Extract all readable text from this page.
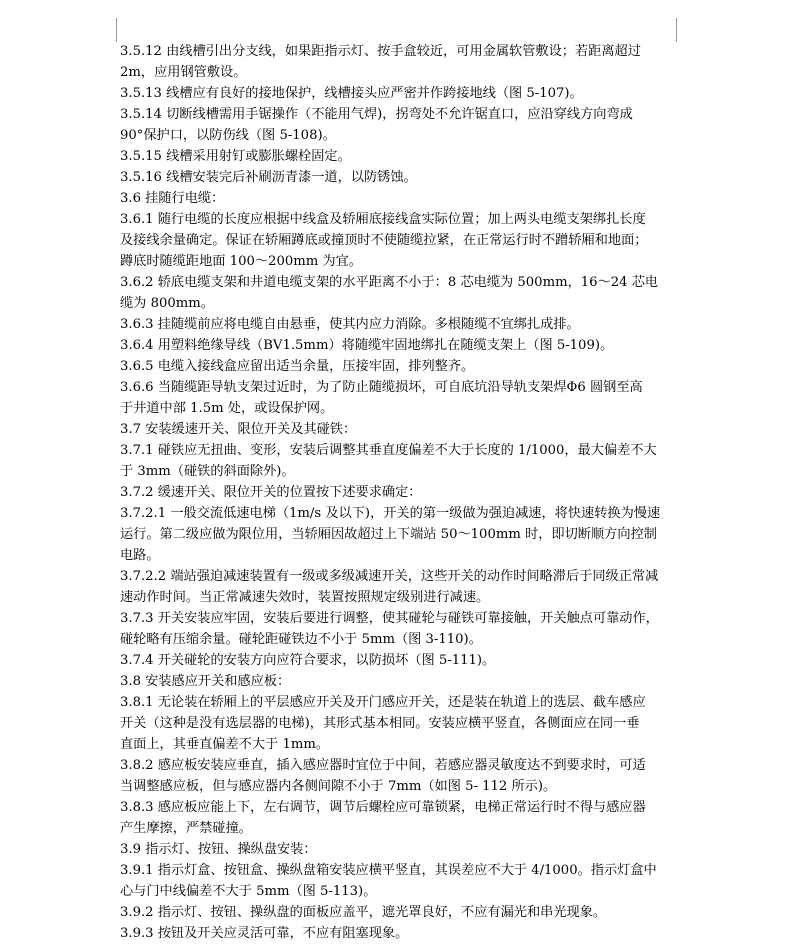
3.5.12 由线槽引出分支线，如果距指示灯、按手盒较近，可用金属软管敷设；若距离超过
2m，应用钢管敷设。
3.5.13 线槽应有良好的接地保护，线槽接头应严密并作跨接地线（图 5-107)。
3.5.14 切断线槽需用手锯操作（不能用气焊)，拐弯处不允许锯直口，应沿穿线方向弯成
90°保护口，以防伤线（图 5-108)。
3.5.15 线槽采用射钉或膨胀螺栓固定。
3.5.16 线槽安装完后补刷沥青漆一道，以防锈蚀。
3.6 挂随行电缆：
3.6.1 随行电缆的长度应根据中线盒及轿厢底接线盒实际位置；加上两头电缆支架绑扎长度
及接线余量确定。保证在轿厢蹲底或撞顶时不使随缆拉紧，在正常运行时不蹭轿厢和地面；
蹲底时随缆距地面 100～200mm 为宜。
3.6.2 轿底电缆支架和井道电缆支架的水平距离不小于：8 芯电缆为 500mm，16～24 芯电
缆为 800mm。
3.6.3 挂随缆前应将电缆自由悬垂，使其内应力消除。多根随缆不宜绑扎成排。
3.6.4 用塑料绝缘导线（BV1.5mm）将随缆牢固地绑扎在随缆支架上（图 5-109)。
3.6.5 电缆入接线盒应留出适当余量，压接牢固，排列整齐。
3.6.6 当随缆距导轨支架过近时，为了防止随缆损坏，可自底坑沿导轨支架焊Φ6 圆钢至高
于井道中部 1.5m 处，或设保护网。
3.7 安装缓速开关、限位开关及其碰铁：
3.7.1 碰铁应无扭曲、变形，安装后调整其垂直度偏差不大于长度的 1/1000，最大偏差不大
于 3mm（碰铁的斜面除外)。
3.7.2 缓速开关、限位开关的位置按下述要求确定：
3.7.2.1 一般交流低速电梯（1m/s 及以下)，开关的第一级做为强迫减速，将快速转换为慢速
运行。第二级应做为限位用，当轿厢因故超过上下端站 50～100mm 时，即切断顺方向控制
电路。
3.7.2.2 端站强迫减速装置有一级或多级减速开关，这些开关的动作时间略滞后于同级正常减
速动作时间。当正常减速失效时，装置按照规定级别进行减速。
3.7.3 开关安装应牢固，安装后要进行调整，使其碰轮与碰铁可靠接触，开关触点可靠动作，
碰轮略有压缩余量。碰轮距碰铁边不小于 5mm（图 3-110)。
3.7.4 开关碰轮的安装方向应符合要求，以防损坏（图 5-111)。
3.8 安装感应开关和感应板：
3.8.1 无论装在轿厢上的平层感应开关及开门感应开关，还是装在轨道上的选层、截车感应
开关（这种是没有选层器的电梯)，其形式基本相同。安装应横平竖直，各侧面应在同一垂
直面上，其垂直偏差不大于 1mm。
3.8.2 感应板安装应垂直，插入感应器时宜位于中间，若感应器灵敏度达不到要求时，可适
当调整感应板，但与感应器内各侧间隙不小于 7mm（如图 5- 112 所示)。
3.8.3 感应板应能上下，左右调节，调节后螺栓应可靠锁紧，电梯正常运行时不得与感应器
产生摩擦，严禁碰撞。
3.9 指示灯、按钮、操纵盘安装：
3.9.1 指示灯盒、按钮盒、操纵盘箱安装应横平竖直，其误差应不大于 4/1000。指示灯盒中
心与门中线偏差不大于 5mm（图 5-113)。
3.9.2 指示灯、按钮、操纵盘的面板应盖平，遮光罩良好，不应有漏光和串光现象。
3.9.3 按钮及开关应灵活可靠，不应有阻塞现象。
